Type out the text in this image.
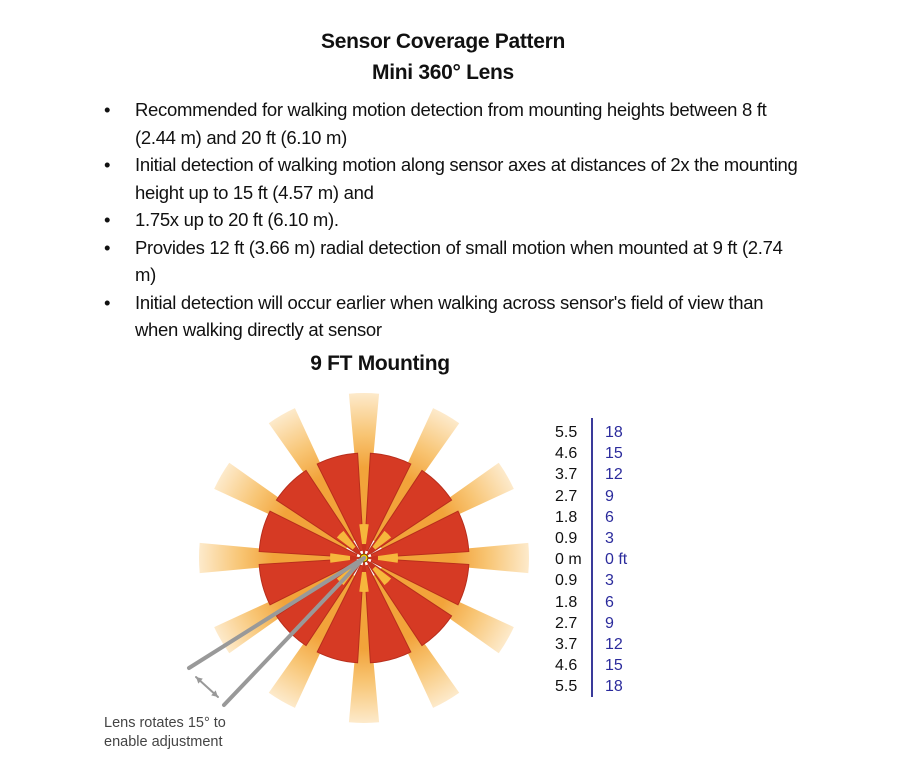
Sensor Coverage Pattern
Mini 360° Lens
• Recommended for walking motion detection from mounting heights between 8 ft (2.44 m) and 20 ft (6.10 m)
• Initial detection of walking motion along sensor axes at distances of 2x the mounting height up to 15 ft (4.57 m) and
• 1.75x up to 20 ft (6.10 m).
• Provides 12 ft (3.66 m) radial detection of small motion when mounted at 9 ft (2.74 m)
• Initial detection will occur earlier when walking across sensor's field of view than when walking directly at sensor
9 FT Mounting
5.5	18
4.6	15
3.7	12
2.7	9
1.8	6
0.9	3
0 m	0 ft
0.9	3
1.8	6
2.7	9
3.7	12
4.6	15
5.5	18
Lens rotates 15° to
enable adjustment
